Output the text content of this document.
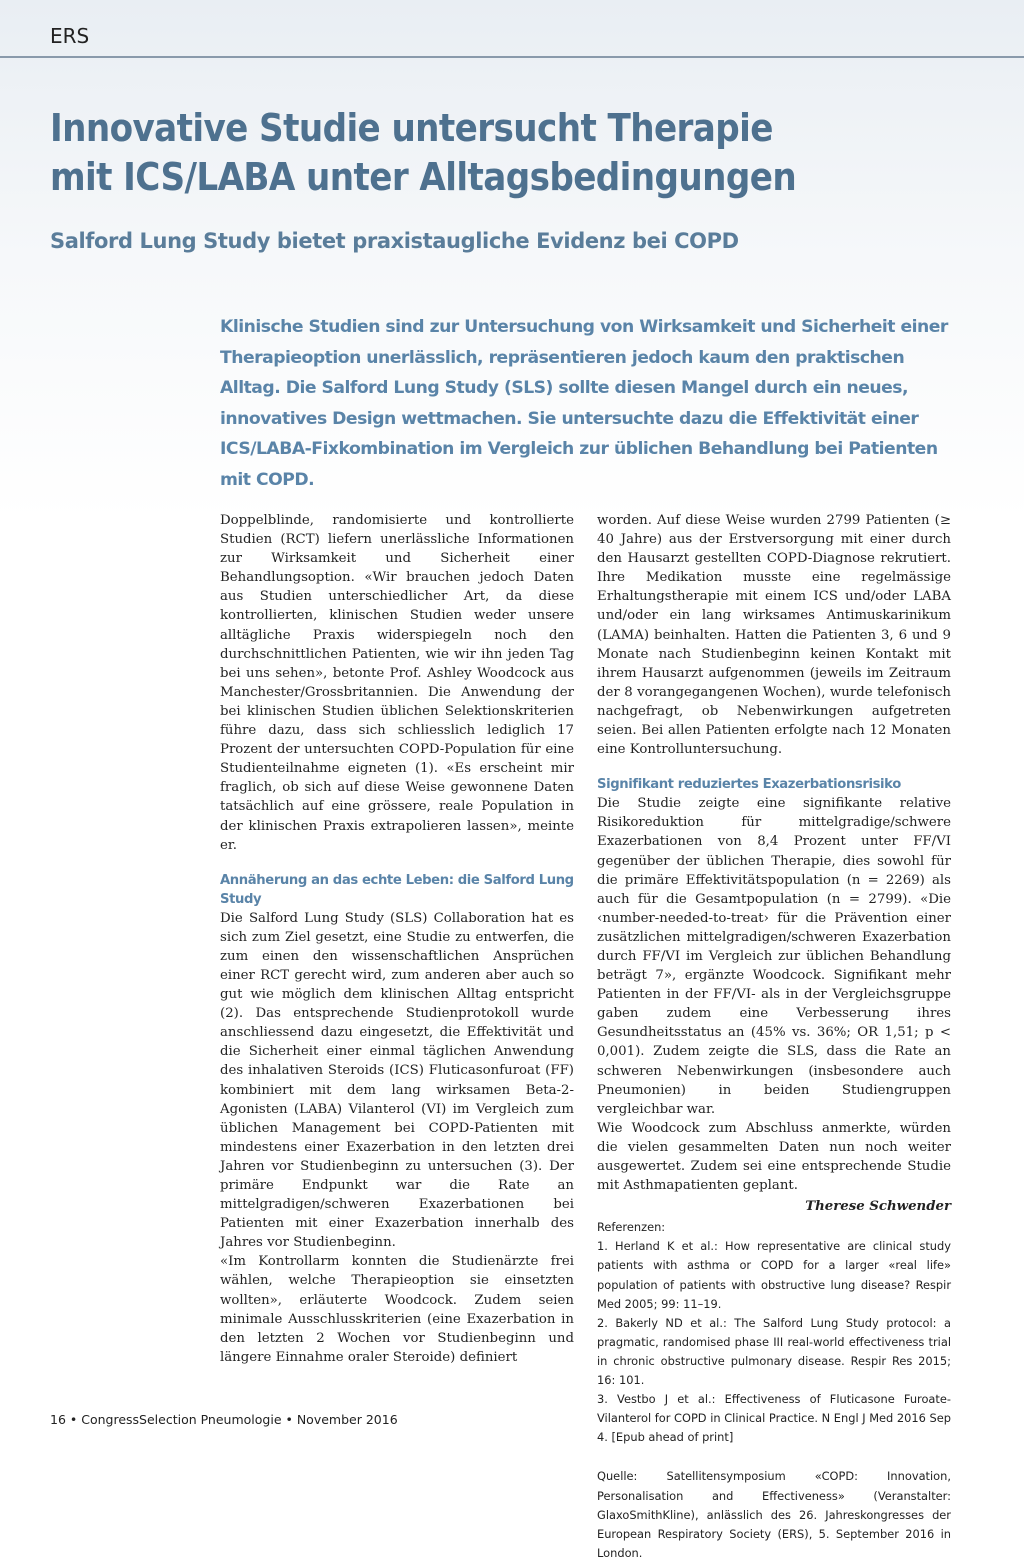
ERS
Innovative Studie untersucht Therapie
mit ICS/LABA unter Alltagsbedingungen
Salford Lung Study bietet praxistaugliche Evidenz bei COPD

Klinische Studien sind zur Untersuchung von Wirksamkeit und Sicherheit einer Therapieoption unerlässlich, repräsentieren jedoch kaum den praktischen Alltag. Die Salford Lung Study (SLS) sollte diesen Mangel durch ein neues, innovatives Design wettmachen. Sie untersuchte dazu die Effektivität einer ICS/LABA-Fixkombination im Vergleich zur üblichen Behandlung bei Patienten mit COPD.

Doppelblinde, randomisierte und kontrollierte Studien (RCT) liefern unerlässliche Informationen zur Wirksamkeit und Sicherheit einer Behandlungsoption. «Wir brauchen jedoch Daten aus Studien unterschiedlicher Art, da diese kontrollierten, klinischen Studien weder unsere alltägliche Praxis widerspiegeln noch den durchschnittlichen Patienten, wie wir ihn jeden Tag bei uns sehen», betonte Prof. Ashley Woodcock aus Manchester/Grossbritannien. Die Anwendung der bei klinischen Studien üblichen Selektionskriterien führe dazu, dass sich schliesslich lediglich 17 Prozent der untersuchten COPD-Population für eine Studienteilnahme eigneten (1). «Es erscheint mir fraglich, ob sich auf diese Weise gewonnene Daten tatsächlich auf eine grössere, reale Population in der klinischen Praxis extrapolieren lassen», meinte er.

Annäherung an das echte Leben: die Salford Lung Study

Die Salford Lung Study (SLS) Collaboration hat es sich zum Ziel gesetzt, eine Studie zu entwerfen, die zum einen den wissenschaftlichen Ansprüchen einer RCT gerecht wird, zum anderen aber auch so gut wie möglich dem klinischen Alltag entspricht (2). Das entsprechende Studienprotokoll wurde anschliessend dazu eingesetzt, die Effektivität und die Sicherheit einer einmal täglichen Anwendung des inhalativen Steroids (ICS) Fluticasonfuroat (FF) kombiniert mit dem lang wirksamen Beta-2-Agonisten (LABA) Vilanterol (VI) im Vergleich zum üblichen Management bei COPD-Patienten mit mindestens einer Exazerbation in den letzten drei Jahren vor Studienbeginn zu untersuchen (3). Der primäre Endpunkt war die Rate an mittelgradigen/schweren Exazerbationen bei Patienten mit einer Exazerbation innerhalb des Jahres vor Studienbeginn.

«Im Kontrollarm konnten die Studienärzte frei wählen, welche Therapieoption sie einsetzten wollten», erläuterte Woodcock. Zudem seien minimale Ausschlusskriterien (eine Exazerbation in den letzten 2 Wochen vor Studienbeginn und längere Einnahme oraler Steroide) definiert

worden. Auf diese Weise wurden 2799 Patienten (≥ 40 Jahre) aus der Erstversorgung mit einer durch den Hausarzt gestellten COPD-Diagnose rekrutiert. Ihre Medikation musste eine regelmässige Erhaltungstherapie mit einem ICS und/oder LABA und/oder ein lang wirksames Antimuskarinikum (LAMA) beinhalten. Hatten die Patienten 3, 6 und 9 Monate nach Studienbeginn keinen Kontakt mit ihrem Hausarzt aufgenommen (jeweils im Zeitraum der 8 vorangegangenen Wochen), wurde telefonisch nachgefragt, ob Nebenwirkungen aufgetreten seien. Bei allen Patienten erfolgte nach 12 Monaten eine Kontrolluntersuchung.

Signifikant reduziertes Exazerbationsrisiko

Die Studie zeigte eine signifikante relative Risikoreduktion für mittelgradige/schwere Exazerbationen von 8,4 Prozent unter FF/VI gegenüber der üblichen Therapie, dies sowohl für die primäre Effektivitätspopulation (n = 2269) als auch für die Gesamtpopulation (n = 2799). «Die ‹number-needed-to-treat› für die Prävention einer zusätzlichen mittelgradigen/schweren Exazerbation durch FF/VI im Vergleich zur üblichen Behandlung beträgt 7», ergänzte Woodcock. Signifikant mehr Patienten in der FF/VI- als in der Vergleichsgruppe gaben zudem eine Verbesserung ihres Gesundheitsstatus an (45% vs. 36%; OR 1,51; p < 0,001). Zudem zeigte die SLS, dass die Rate an schweren Nebenwirkungen (insbesondere auch Pneumonien) in beiden Studiengruppen vergleichbar war.

Wie Woodcock zum Abschluss anmerkte, würden die vielen gesammelten Daten nun noch weiter ausgewertet. Zudem sei eine entsprechende Studie mit Asthmapatienten geplant.

Therese Schwender

Referenzen:

1. Herland K et al.: How representative are clinical study patients with asthma or COPD for a larger «real life» population of patients with obstructive lung disease? Respir Med 2005; 99: 11–19.

2. Bakerly ND et al.: The Salford Lung Study protocol: a pragmatic, randomised phase III real-world effectiveness trial in chronic obstructive pulmonary disease. Respir Res 2015; 16: 101.

3. Vestbo J et al.: Effectiveness of Fluticasone Furoate-Vilanterol for COPD in Clinical Practice. N Engl J Med 2016 Sep 4. [Epub ahead of print]

Quelle: Satellitensymposium «COPD: Innovation, Personalisation and Effectiveness» (Veranstalter: GlaxoSmithKline), anlässlich des 26. Jahreskongresses der European Respiratory Society (ERS), 5. September 2016 in London.

16 • CongressSelection Pneumologie • November 2016
